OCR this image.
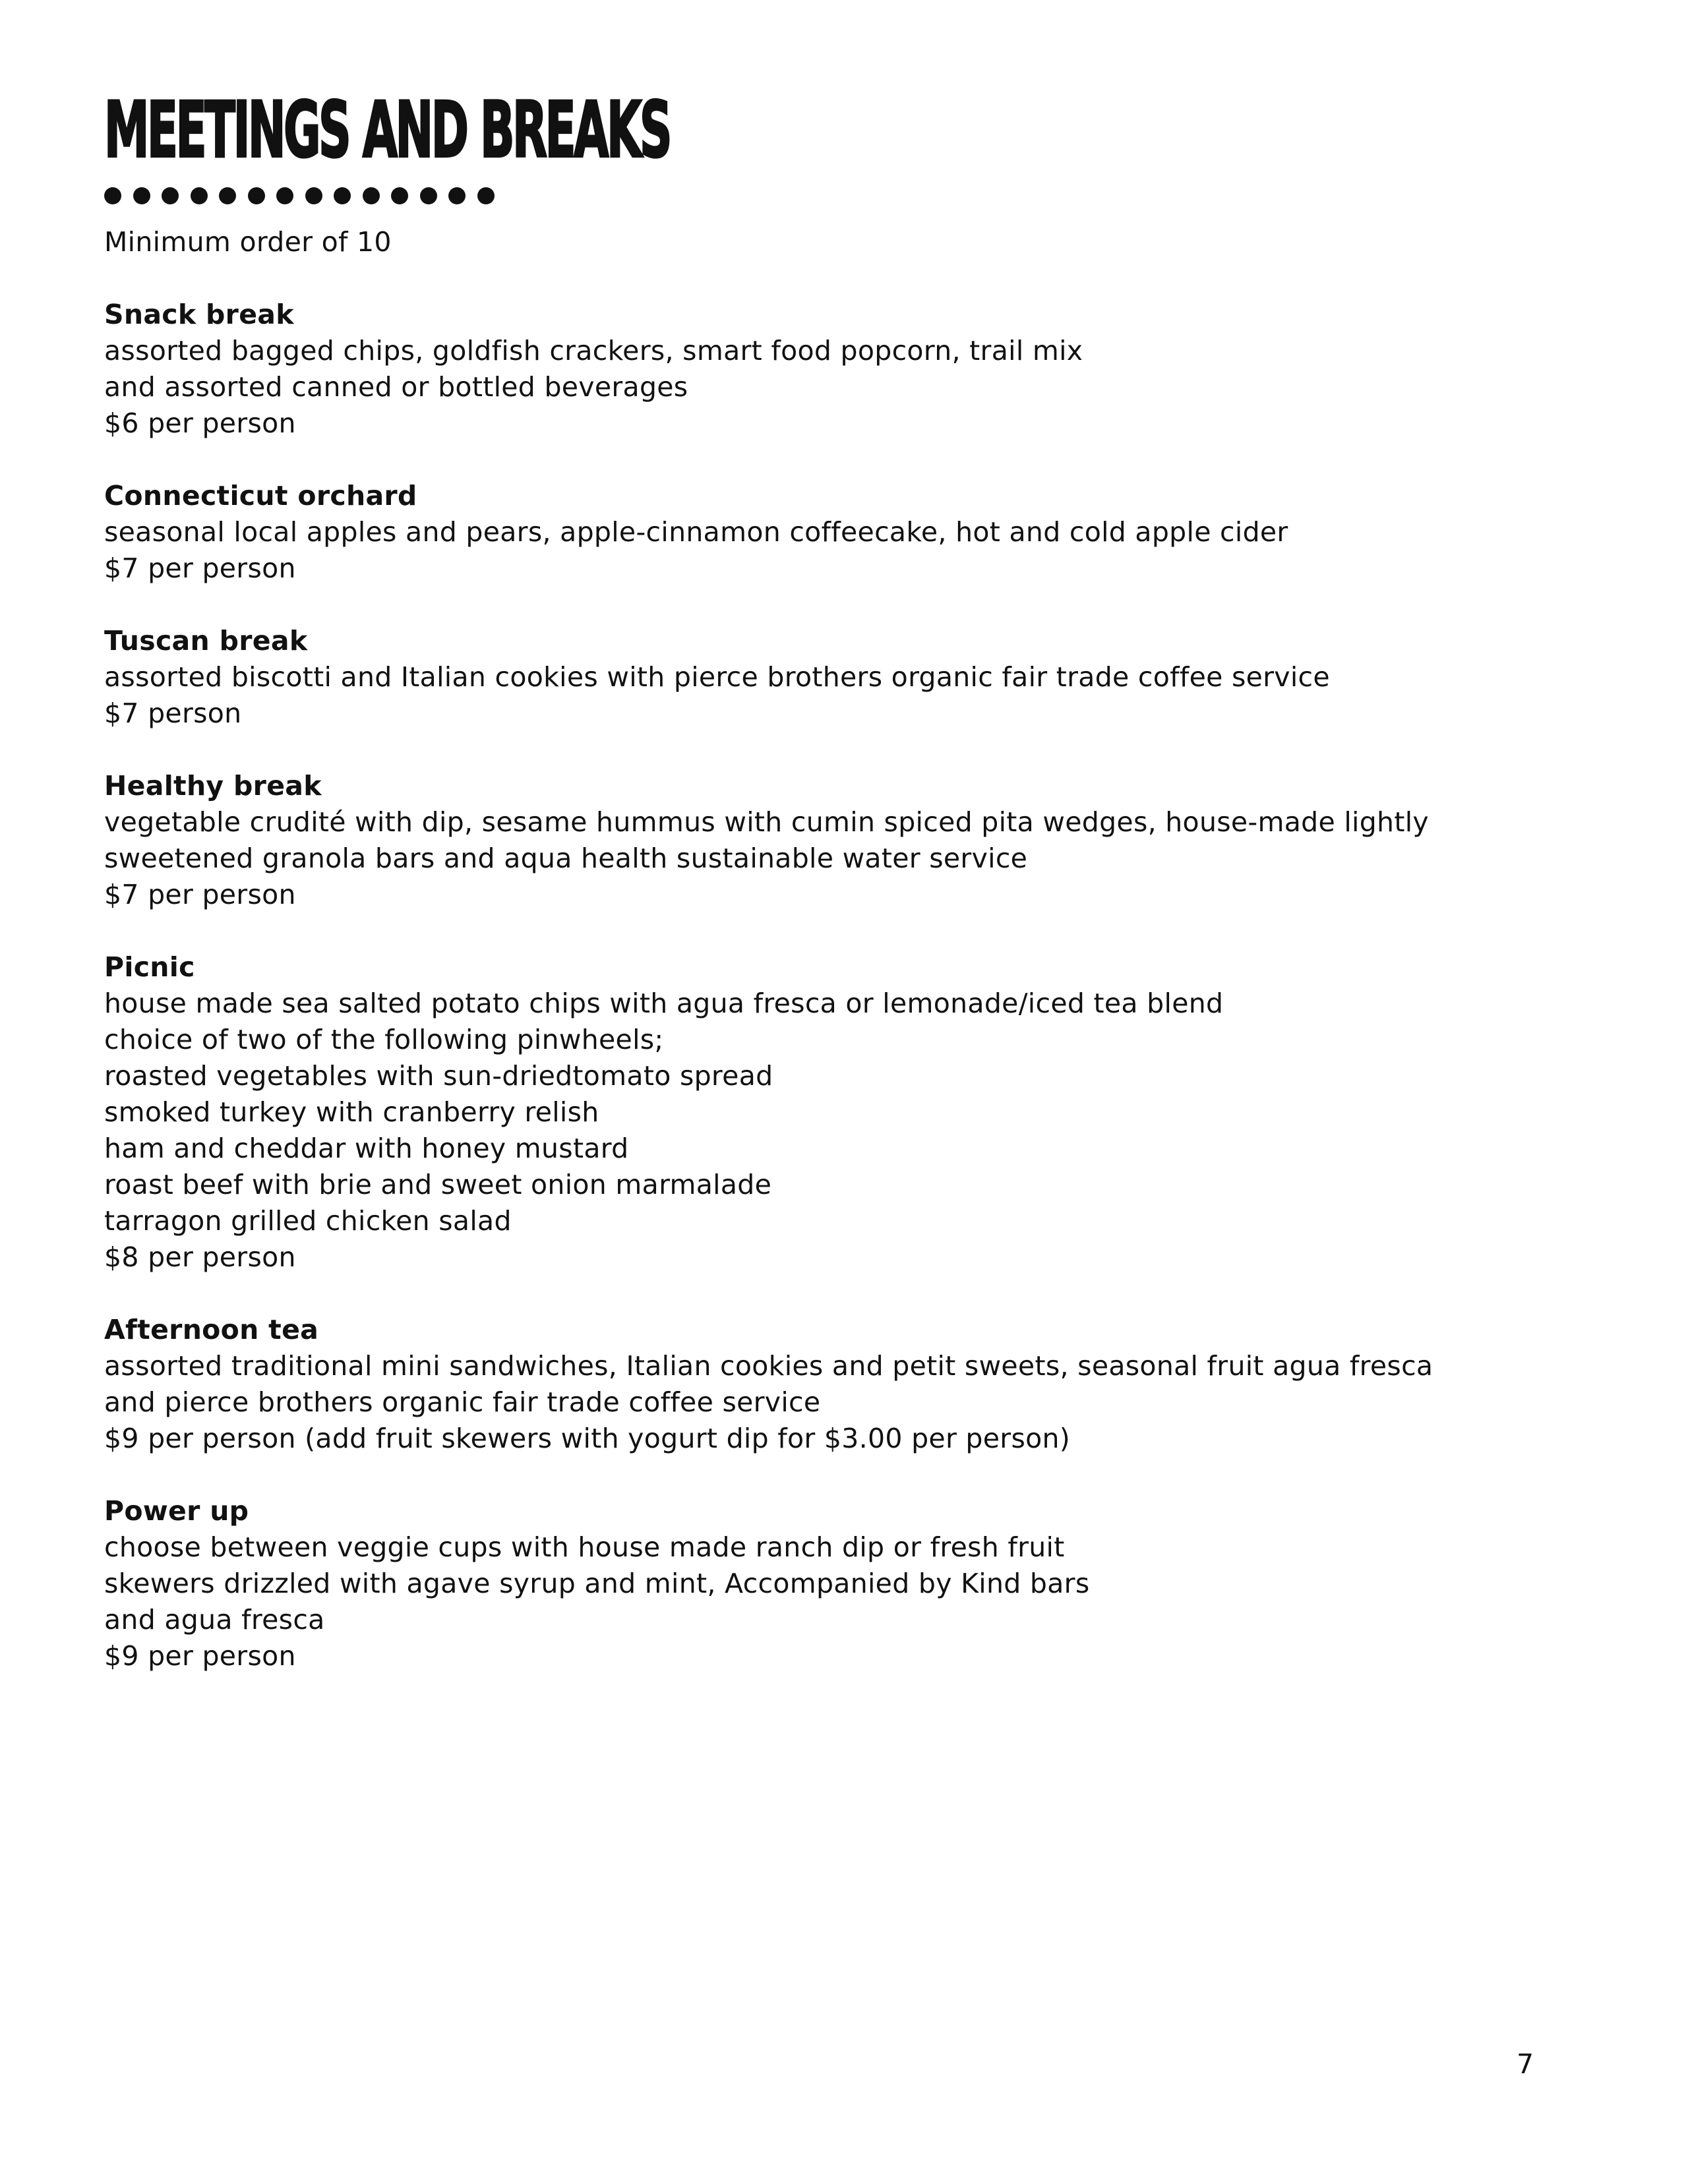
MEETINGS AND BREAKS
Minimum order of 10
Snack break
assorted bagged chips, goldfish crackers, smart food popcorn, trail mix
and assorted canned or bottled beverages
$6 per person
Connecticut orchard
seasonal local apples and pears, apple-cinnamon coffeecake, hot and cold apple cider
$7 per person
Tuscan break
assorted biscotti and Italian cookies with pierce brothers organic fair trade coffee service
$7 person
Healthy break
vegetable crudité with dip, sesame hummus with cumin spiced pita wedges, house-made lightly
sweetened granola bars and aqua health sustainable water service
$7 per person
Picnic
house made sea salted potato chips with agua fresca or lemonade/iced tea blend
choice of two of the following pinwheels;
roasted vegetables with sun-driedtomato spread
smoked turkey with cranberry relish
ham and cheddar with honey mustard
roast beef with brie and sweet onion marmalade
tarragon grilled chicken salad
$8 per person
Afternoon tea
assorted traditional mini sandwiches, Italian cookies and petit sweets, seasonal fruit agua fresca
and pierce brothers organic fair trade coffee service
$9 per person (add fruit skewers with yogurt dip for $3.00 per person)
Power up
choose between veggie cups with house made ranch dip or fresh fruit
skewers drizzled with agave syrup and mint, Accompanied by Kind bars
and agua fresca
$9 per person
7
